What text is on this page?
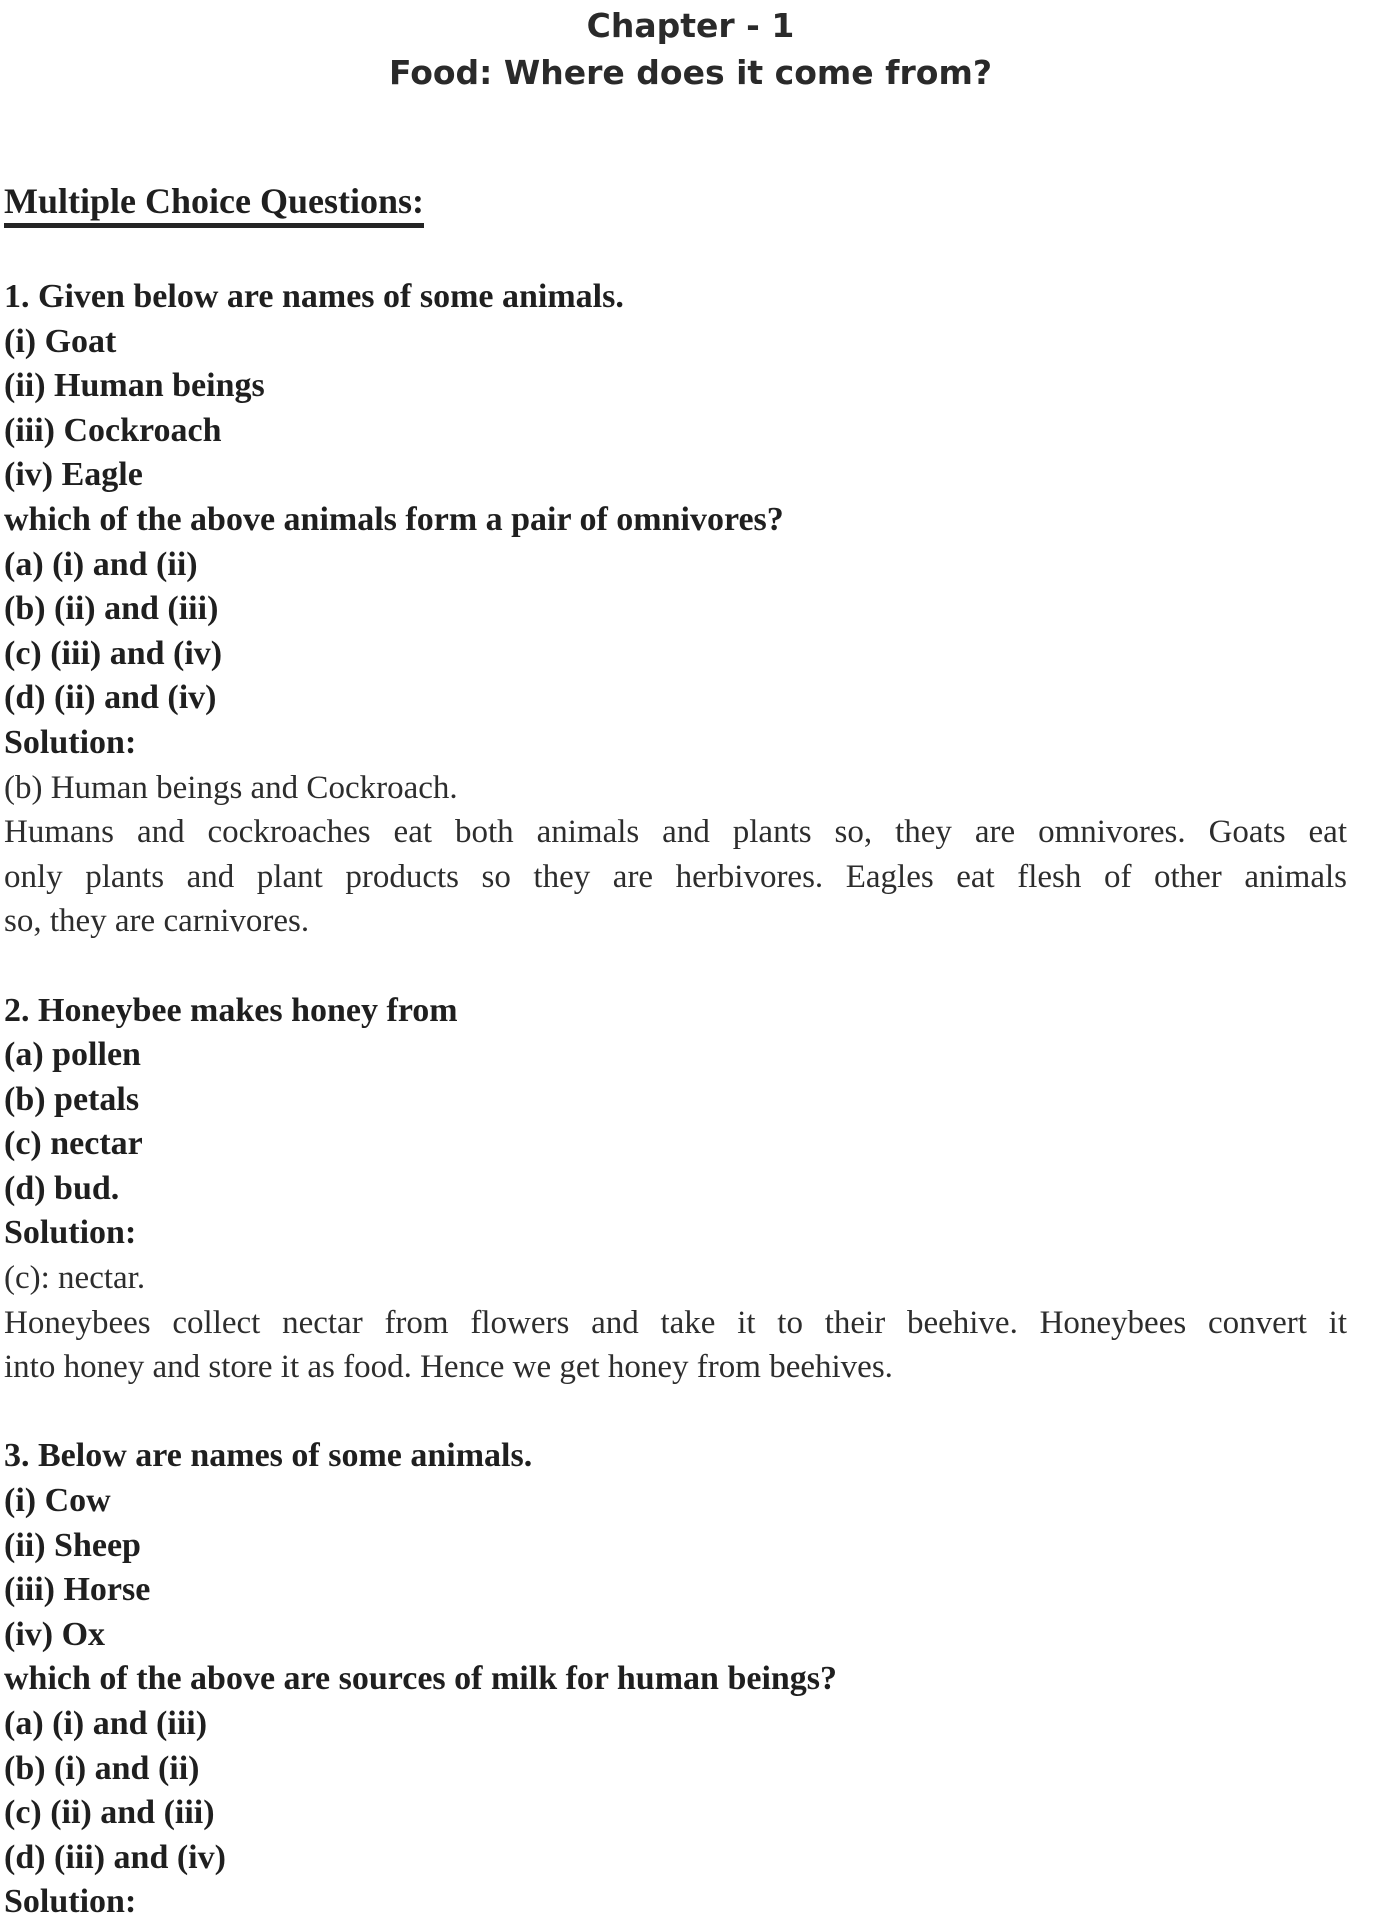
Chapter - 1
Food: Where does it come from?
Multiple Choice Questions:
1. Given below are names of some animals.
(i) Goat
(ii) Human beings
(iii) Cockroach
(iv) Eagle
which of the above animals form a pair of omnivores?
(a) (i) and (ii)
(b) (ii) and (iii)
(c) (iii) and (iv)
(d) (ii) and (iv)
Solution:
(b) Human beings and Cockroach.
Humans and cockroaches eat both animals and plants so, they are omnivores. Goats eat
only plants and plant products so they are herbivores. Eagles eat flesh of other animals
so, they are carnivores.
2. Honeybee makes honey from
(a) pollen
(b) petals
(c) nectar
(d) bud.
Solution:
(c): nectar.
Honeybees collect nectar from flowers and take it to their beehive. Honeybees convert it
into honey and store it as food. Hence we get honey from beehives.
3. Below are names of some animals.
(i) Cow
(ii) Sheep
(iii) Horse
(iv) Ox
which of the above are sources of milk for human beings?
(a) (i) and (iii)
(b) (i) and (ii)
(c) (ii) and (iii)
(d) (iii) and (iv)
Solution:
